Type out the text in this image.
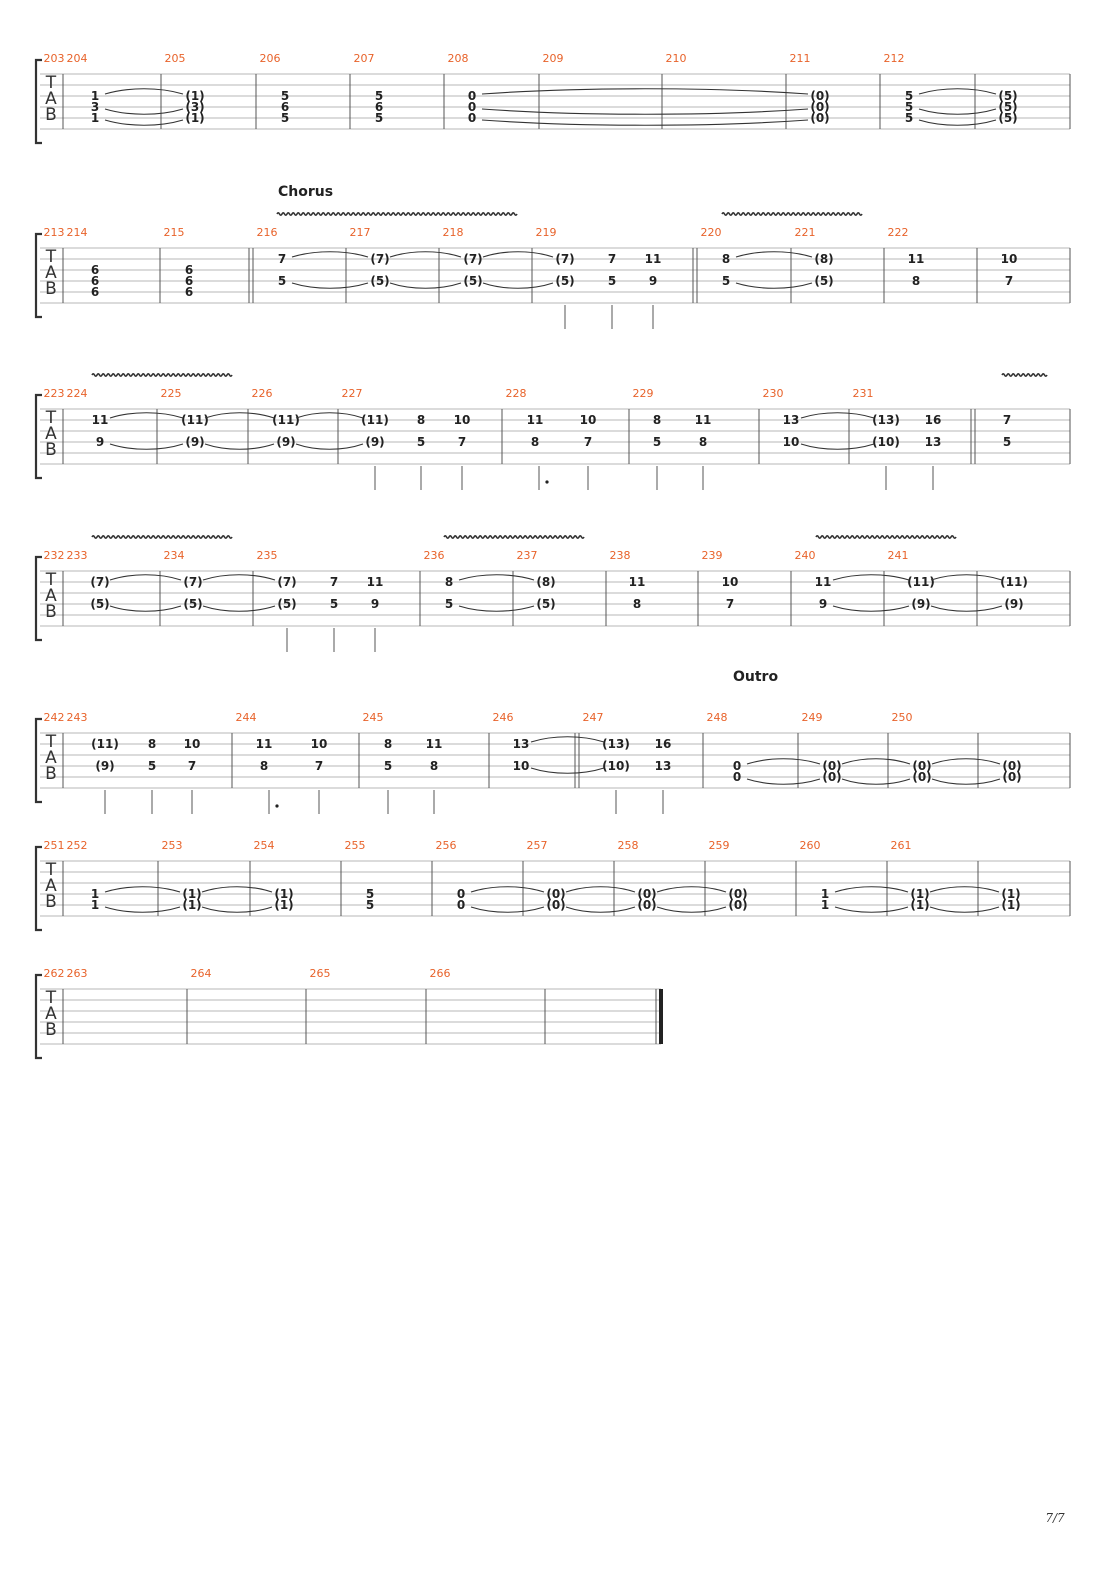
T
A
B
203
1
3
1
204
(1)
(3)
(1)
205
5
6
5
206
5
6
5
207
0
0
0
208	209	210
(0)
(0)
(0)
211
5
5
5
212
(5)
(5)
(5)
T
A
B
Chorus
213
6
6
6
214
6
6
6
215
7
5
216
(7)
(5)
217
(7)
(5)
218
(7)
(5)
7
5
11
9
219
8
5
220
(8)
(5)
221
11
8
222
10
7
T
A
B
223
11
9
224
(11)
(9)
225
(11)
(9)
226
(11)
(9)
8
5
10
7
227
11
8
10
7
228
8
5
11
8
229
13
10
230
(13)
(10)
16
13
231
7
5
T
A
B
232
(7)
(5)
233
(7)
(5)
234
(7)
(5)
7
5
11
9
235
8
5
236
(8)
(5)
237
11
8
238
10
7
239
11
9
240
(11)
(9)
241
(11)
(9)
T
A
B
Outro
242
(11)
(9)
8
5
10
7
243
11
8
10
7
244
8
5
11
8
245
13
10
246
(13)
(10)
16
13
247
0
0
248
(0)
(0)
249
(0)
(0)
250
(0)
(0)
T
A
B
251
1
1
252
(1)
(1)
253
(1)
(1)
254
5
5
255
0
0
256
(0)
(0)
257
(0)
(0)
258
(0)
(0)
259
1
1
260
(1)
(1)
261
(1)
(1)
T
A
B
262 263	264	265	266
7/7
